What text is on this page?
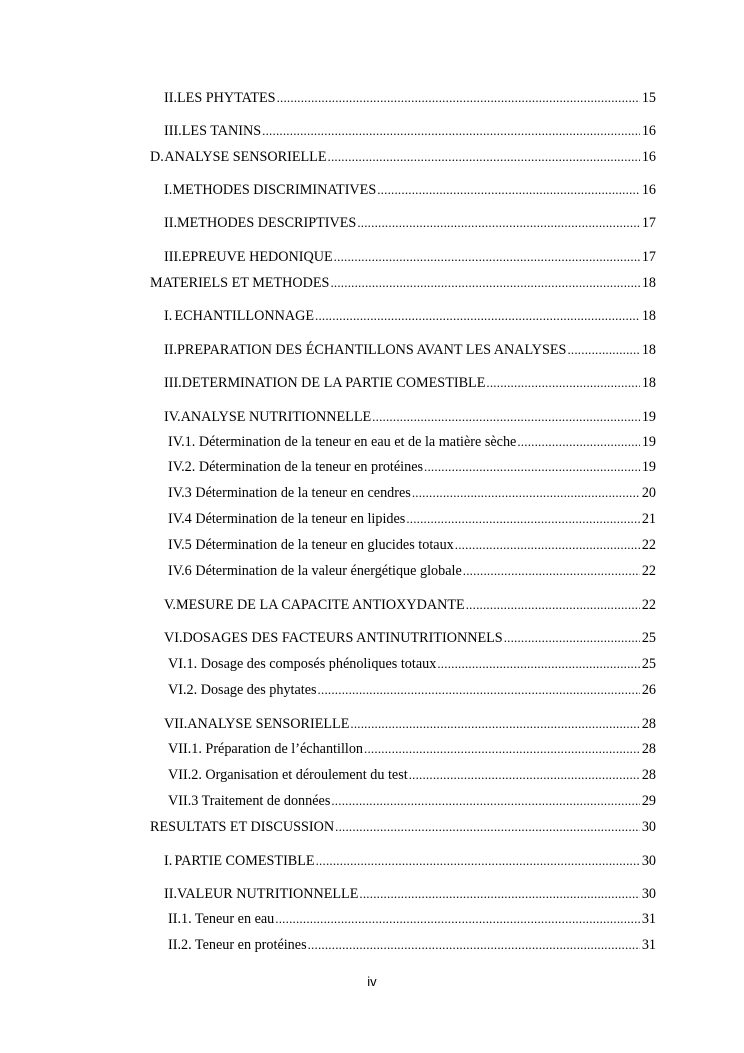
II. LES PHYTATES .....	15
III. LES TANINS .....	16
D. ANALYSE SENSORIELLE .....	16
I. METHODES DISCRIMINATIVES .....	16
II. METHODES DESCRIPTIVES .....	17
III. EPREUVE HEDONIQUE .....	17
MATERIELS ET METHODES .....	18
I. ECHANTILLONNAGE .....	18
II. PREPARATION DES ÉCHANTILLONS AVANT LES ANALYSES .....	18
III. DETERMINATION DE LA PARTIE COMESTIBLE .....	18
IV. ANALYSE NUTRITIONNELLE .....	19
IV.1. Détermination de la teneur en eau et de la matière sèche .....	19
IV.2. Détermination de la teneur en protéines .....	19
IV.3 Détermination de la teneur en cendres .....	20
IV.4 Détermination de la teneur en lipides .....	21
IV.5 Détermination de la teneur en glucides totaux .....	22
IV.6 Détermination de la valeur énergétique globale .....	22
V. MESURE DE LA CAPACITE ANTIOXYDANTE .....	22
VI. DOSAGES DES FACTEURS ANTINUTRITIONNELS .....	25
VI.1. Dosage des composés phénoliques totaux .....	25
VI.2. Dosage des phytates .....	26
VII. ANALYSE SENSORIELLE .....	28
VII.1. Préparation de l’échantillon .....	28
VII.2. Organisation et déroulement du test .....	28
VII.3 Traitement de données .....	29
RESULTATS ET DISCUSSION .....	30
I. PARTIE COMESTIBLE .....	30
II. VALEUR NUTRITIONNELLE .....	30
II.1. Teneur en eau .....	31
II.2. Teneur en protéines .....	31
iv
